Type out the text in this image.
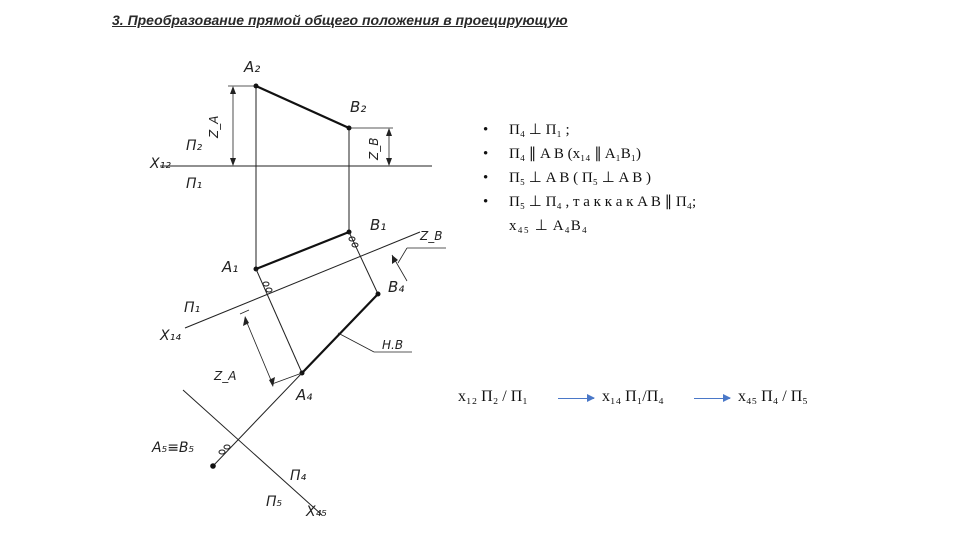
3. Преобразование прямой общего положения в проецирующую
A₂
B₂
Z_A
Z_B
П₂
X₁₂
П₁
B₁
Z_B
A₁
B₄
П₁
X₁₄
Н.В
Z_A
A₄
A₅≡B₅
П₄
П₅
X₄₅
• П₄ ⊥ П₁ ;
• П₄ ∥ A B (x₁₄ ∥ A₁B₁)
• П₅ ⊥ A B ( П₅ ⊥ A B )
• П₅ ⊥ П₄ , т а к к а к A B ∥ П₄;
x₄₅ ⊥ A₄B₄
x₁₂ П₂ / П₁	x₁₄ П₁/П₄	x₄₅ П₄ / П₅
